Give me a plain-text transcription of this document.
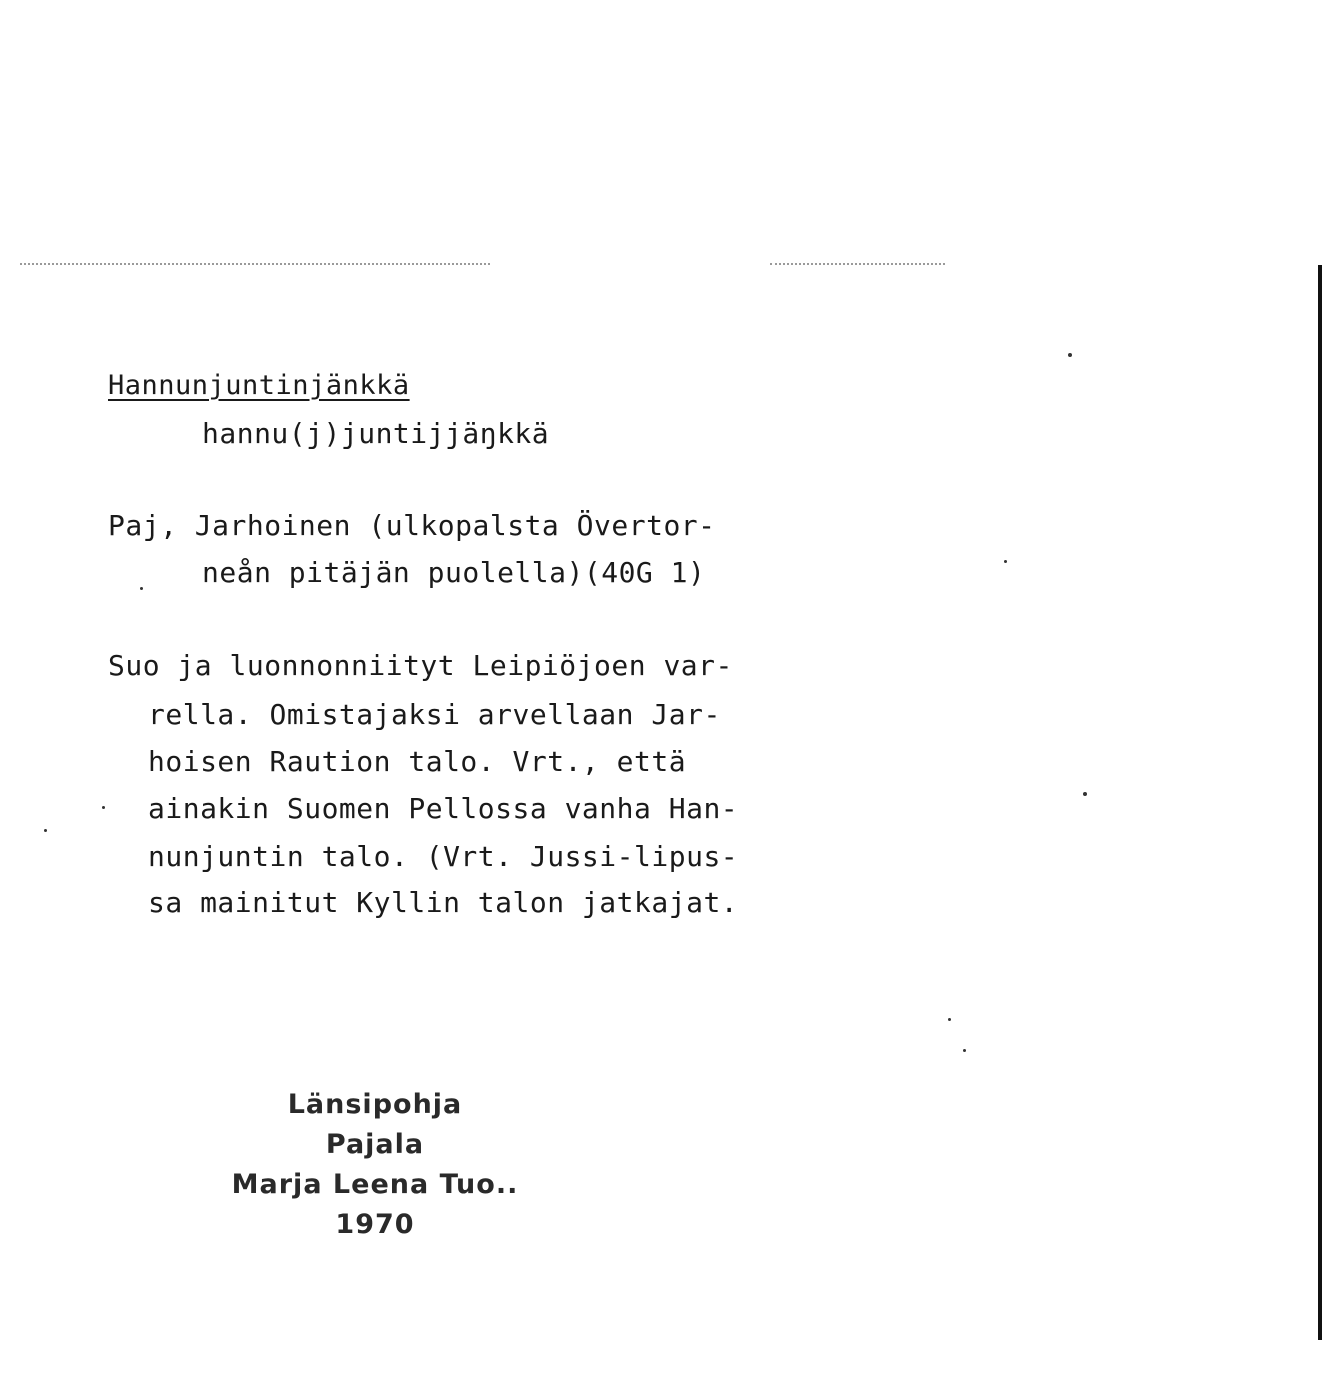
Hannunjuntinjänkkä
hannu(j)juntijjäŋkkä
Paj, Jarhoinen (ulkopalsta Övertor-
neån pitäjän puolella)(40G 1)
Suo ja luonnonniityt Leipiöjoen var-
rella. Omistajaksi arvellaan Jar-
hoisen Raution talo. Vrt., että
ainakin Suomen Pellossa vanha Han-
nunjuntin talo. (Vrt. Jussi-lipus-
sa mainitut Kyllin talon jatkajat.
Länsipohja
Pajala
Marja Leena Tuo..
1970
